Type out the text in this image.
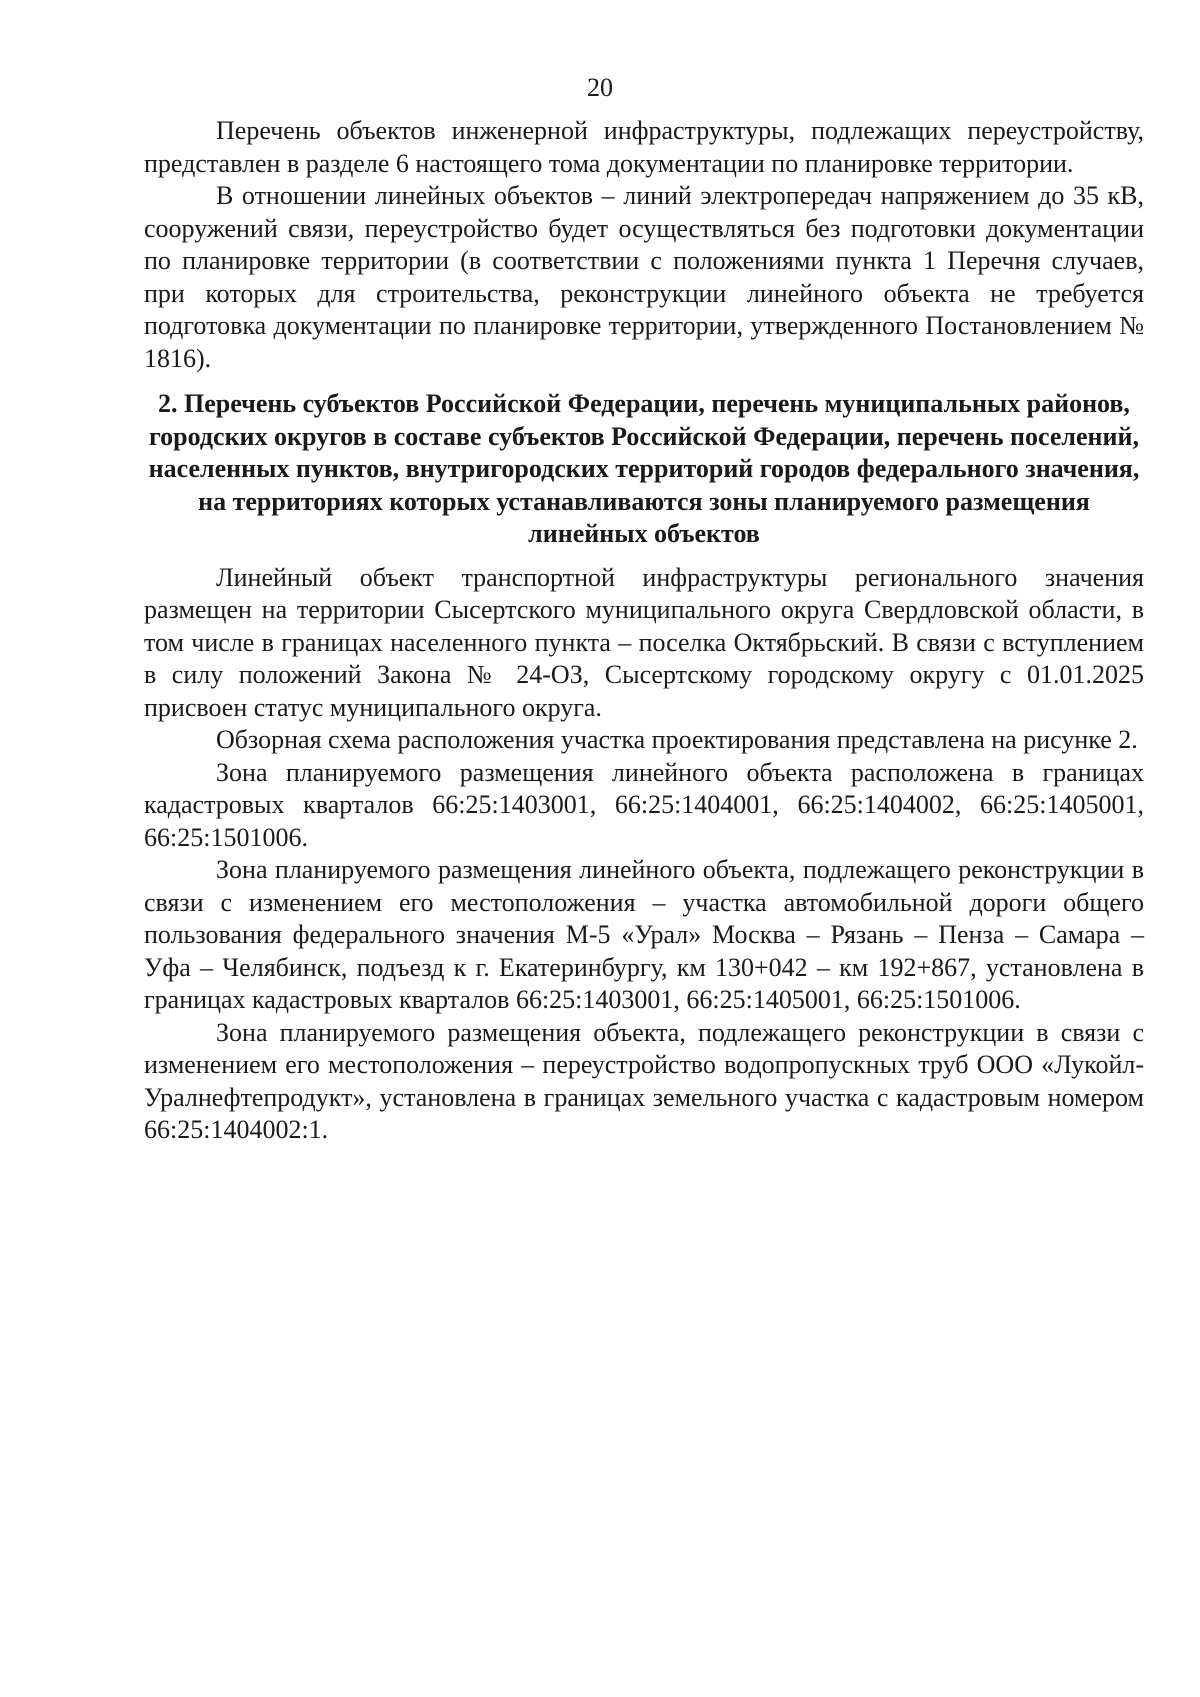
20

Перечень объектов инженерной инфраструктуры, подлежащих переустройству, представлен в разделе 6 настоящего тома документации по планировке территории.

В отношении линейных объектов – линий электропередач напряжением до 35 кВ, сооружений связи, переустройство будет осуществляться без подготовки документации по планировке территории (в соответствии с положениями пункта 1 Перечня случаев, при которых для строительства, реконструкции линейного объекта не требуется подготовка документации по планировке территории, утвержденного Постановлением № 1816).

2. Перечень субъектов Российской Федерации, перечень муниципальных районов, городских округов в составе субъектов Российской Федерации, перечень поселений, населенных пунктов, внутригородских территорий городов федерального значения, на территориях которых устанавливаются зоны планируемого размещения линейных объектов

Линейный объект транспортной инфраструктуры регионального значения размещен на территории Сысертского муниципального округа Свердловской области, в том числе в границах населенного пункта – поселка Октябрьский. В связи с вступлением в силу положений Закона № 24-ОЗ, Сысертскому городскому округу с 01.01.2025 присвоен статус муниципального округа.

Обзорная схема расположения участка проектирования представлена на рисунке 2.

Зона планируемого размещения линейного объекта расположена в границах кадастровых кварталов 66:25:1403001, 66:25:1404001, 66:25:1404002, 66:25:1405001, 66:25:1501006.

Зона планируемого размещения линейного объекта, подлежащего реконструкции в связи с изменением его местоположения – участка автомобильной дороги общего пользования федерального значения М-5 «Урал» Москва – Рязань – Пенза – Самара – Уфа – Челябинск, подъезд к г. Екатеринбургу, км 130+042 – км 192+867, установлена в границах кадастровых кварталов 66:25:1403001, 66:25:1405001, 66:25:1501006.

Зона планируемого размещения объекта, подлежащего реконструкции в связи с изменением его местоположения – переустройство водопропускных труб ООО «Лукойл-Уралнефтепродукт», установлена в границах земельного участка с кадастровым номером 66:25:1404002:1.
